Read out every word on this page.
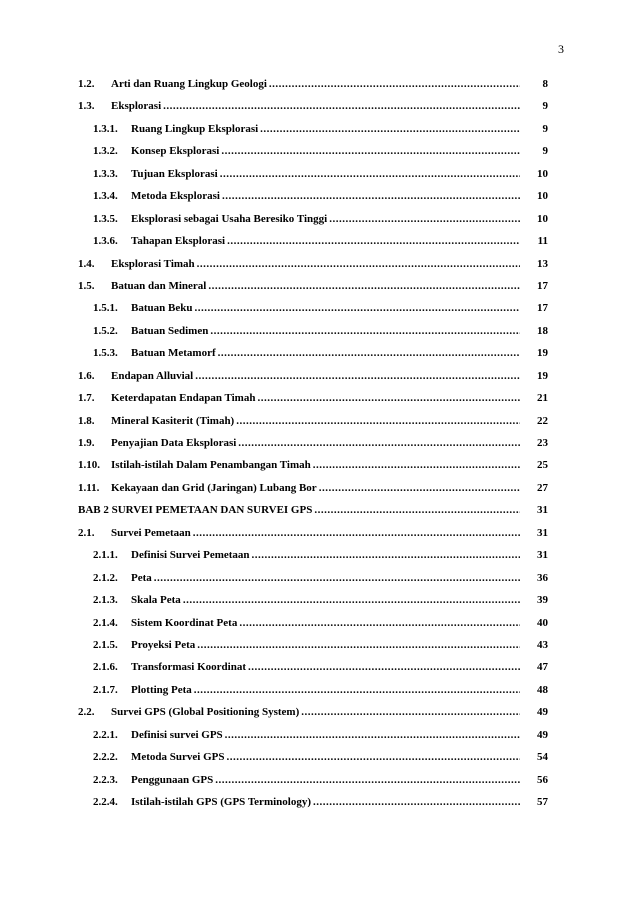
3
1.2.	Arti dan Ruang Lingkup Geologi .....	8
1.3.	Eksplorasi .....	9
1.3.1.	Ruang Lingkup Eksplorasi .....	9
1.3.2.	Konsep Eksplorasi .....	9
1.3.3.	Tujuan Eksplorasi .....	10
1.3.4.	Metoda Eksplorasi .....	10
1.3.5.	Eksplorasi sebagai Usaha Beresiko Tinggi .....	10
1.3.6.	Tahapan Eksplorasi .....	11
1.4.	Eksplorasi Timah .....	13
1.5.	Batuan dan Mineral .....	17
1.5.1.	Batuan Beku .....	17
1.5.2.	Batuan Sedimen .....	18
1.5.3.	Batuan Metamorf .....	19
1.6.	Endapan Alluvial .....	19
1.7.	Keterdapatan Endapan Timah .....	21
1.8.	Mineral Kasiterit (Timah) .....	22
1.9.	Penyajian Data Eksplorasi .....	23
1.10.	Istilah-istilah Dalam Penambangan Timah .....	25
1.11.	Kekayaan dan Grid (Jaringan) Lubang Bor .....	27
BAB 2 SURVEI PEMETAAN DAN SURVEI GPS .....	31
2.1.	Survei Pemetaan .....	31
2.1.1.	Definisi Survei Pemetaan .....	31
2.1.2.	Peta .....	36
2.1.3.	Skala Peta .....	39
2.1.4.	Sistem Koordinat Peta .....	40
2.1.5.	Proyeksi Peta .....	43
2.1.6.	Transformasi Koordinat .....	47
2.1.7.	Plotting Peta .....	48
2.2.	Survei GPS (Global Positioning System) .....	49
2.2.1.	Definisi survei GPS .....	49
2.2.2.	Metoda Survei GPS .....	54
2.2.3.	Penggunaan GPS .....	56
2.2.4.	Istilah-istilah GPS (GPS Terminology) .....	57
